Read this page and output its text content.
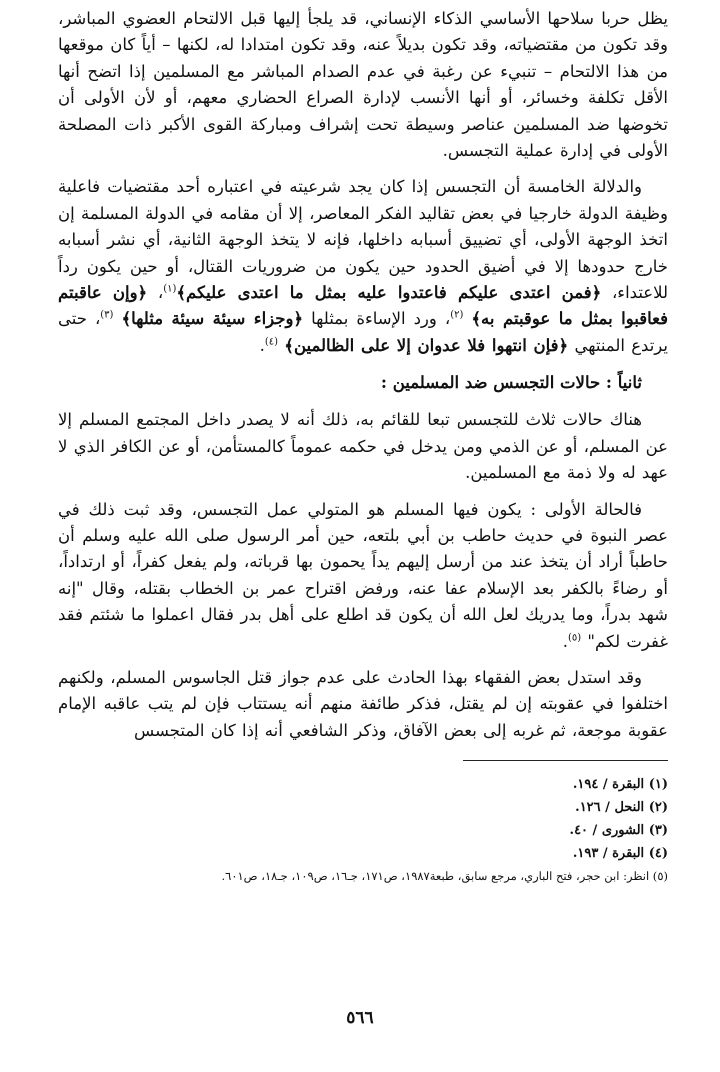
يظل حربا سلاحها الأساسي الذكاء الإنساني، قد يلجأ إليها قبل الالتحام العضوي المباشر، وقد تكون من مقتضياته، وقد تكون بديلاً عنه، وقد تكون امتدادا له، لكنها – أياً كان موقعها من هذا الالتحام – تنبيء عن رغبة في عدم الصدام المباشر مع المسلمين إذا اتضح أنها الأقل تكلفة وخسائر، أو أنها الأنسب لإدارة الصراع الحضاري معهم، أو لأن الأولى أن تخوضها ضد المسلمين عناصر وسيطة تحت إشراف ومباركة القوى الأكبر ذات المصلحة الأولى في إدارة عملية التجسس.

والدلالة الخامسة أن التجسس إذا كان يجد شرعيته في اعتباره أحد مقتضيات فاعلية وظيفة الدولة خارجيا في بعض تقاليد الفكر المعاصر، إلا أن مقامه في الدولة المسلمة إن اتخذ الوجهة الأولى، أي تضييق أسبابه داخلها، فإنه لا يتخذ الوجهة الثانية، أي نشر أسبابه خارج حدودها إلا في أضيق الحدود حين يكون من ضروريات القتال، أو حين يكون رداً للاعتداء، ﴿فمن اعتدى عليكم فاعتدوا عليه بمثل ما اعتدى عليكم﴾$^{(١)}$، ﴿وإن عاقبتم فعاقبوا بمثل ما عوقبتم به﴾ $^{(٢)}$، ورد الإساءة بمثلها ﴿وجزاء سيئة سيئة مثلها﴾ $^{(٣)}$، حتى يرتدع المنتهي ﴿فإن انتهوا فلا عدوان إلا على الظالمين﴾ $^{(٤)}$.

ثانياً : حالات التجسس ضد المسلمين :

هناك حالات ثلاث للتجسس تبعا للقائم به، ذلك أنه لا يصدر داخل المجتمع المسلم إلا عن المسلم، أو عن الذمي ومن يدخل في حكمه عموماً كالمستأمن، أو عن الكافر الذي لا عهد له ولا ذمة مع المسلمين.

فالحالة الأولى : يكون فيها المسلم هو المتولي عمل التجسس، وقد ثبت ذلك في عصر النبوة في حديث حاطب بن أبي بلتعه، حين أمر الرسول صلى الله عليه وسلم أن حاطباً أراد أن يتخذ عند من أرسل إليهم يداً يحمون بها قرباته، ولم يفعل كفراً، أو ارتداداً، أو رضاءً بالكفر بعد الإسلام عفا عنه، ورفض اقتراح عمر بن الخطاب بقتله، وقال "إنه شهد بدراً، وما يدريك لعل الله أن يكون قد اطلع على أهل بدر فقال اعملوا ما شئتم فقد غفرت لكم" $^{(٥)}$.

وقد استدل بعض الفقهاء بهذا الحادث على عدم جواز قتل الجاسوس المسلم، ولكنهم اختلفوا في عقوبته إن لم يقتل، فذكر طائفة منهم أنه يستتاب فإن لم يتب عاقبه الإمام عقوبة موجعة، ثم غربه إلى بعض الآفاق، وذكر الشافعي أنه إذا كان المتجسس

(١) البقرة / ١٩٤.
(٢) النحل / ١٢٦.
(٣) الشورى / ٤٠.
(٤) البقرة / ١٩٣.
(٥) انظر: ابن حجر، فتح الباري، مرجع سابق، طبعة١٩٨٧، ص١٧١، جـ١٦، ص١٠٩، جـ١٨، ص٦٠١.
٥٦٦
